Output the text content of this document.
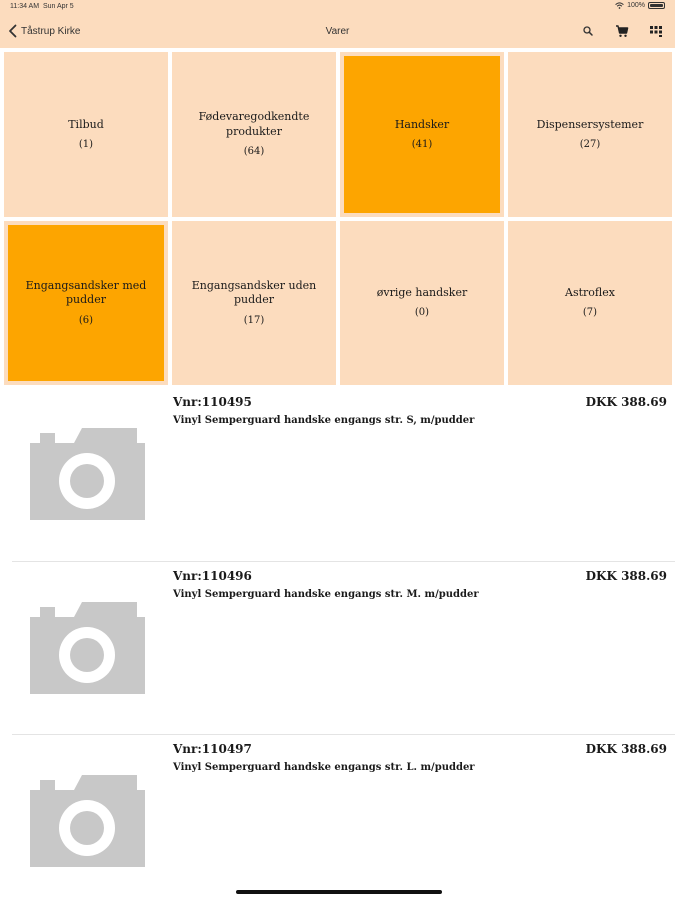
11:34 AM Sun Apr 5	100%
Tåstrup Kirke	Varer
Tilbud
(1)
Fødevaregodkendte produkter
(64)
Handsker
(41)
Dispensersystemer
(27)
Engangsandsker med pudder
(6)
Engangsandsker uden pudder
(17)
øvrige handsker
(0)
Astroflex
(7)
Vnr:110495	DKK 388.69
Vinyl Semperguard handske engangs str. S, m/pudder
Vnr:110496	DKK 388.69
Vinyl Semperguard handske engangs str. M. m/pudder
Vnr:110497	DKK 388.69
Vinyl Semperguard handske engangs str. L. m/pudder
